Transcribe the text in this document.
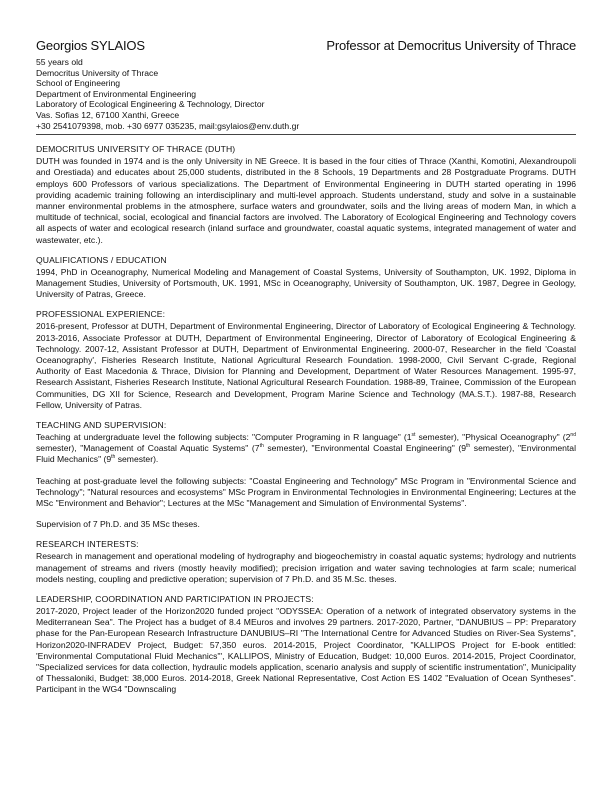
Georgios SYLAIOS	Professor at Democritus University of Thrace
55 years old
Democritus University of Thrace
School of Engineering
Department of Environmental Engineering
Laboratory of Ecological Engineering & Technology, Director
Vas. Sofias 12, 67100 Xanthi, Greece
+30 2541079398, mob. +30 6977 035235, mail:gsylaios@env.duth.gr
DEMOCRITUS UNIVERSITY OF THRACE (DUTH)

DUTH was founded in 1974 and is the only University in NE Greece. It is based in the four cities of Thrace (Xanthi, Komotini, Alexandroupoli and Orestiada) and educates about 25,000 students, distributed in the 8 Schools, 19 Departments and 28 Postgraduate Programs. DUTH employs 600 Professors of various specializations. The Department of Environmental Engineering in DUTH started operating in 1996 providing academic training following an interdisciplinary and multi-level approach. Students understand, study and solve in a sustainable manner environmental problems in the atmosphere, surface waters and groundwater, soils and the living areas of modern Man, in which a multitude of technical, social, ecological and financial factors are involved. The Laboratory of Ecological Engineering and Technology covers all aspects of water and ecological research (inland surface and groundwater, coastal aquatic systems, integrated management of water and wastewater, etc.).

QUALIFICATIONS / EDUCATION

1994, PhD in Oceanography, Numerical Modeling and Management of Coastal Systems, University of Southampton, UK. 1992, Diploma in Management Studies, University of Portsmouth, UK. 1991, MSc in Oceanography, University of Southampton, UK. 1987, Degree in Geology, University of Patras, Greece.

PROFESSIONAL EXPERIENCE:

2016-present, Professor at DUTH, Department of Environmental Engineering, Director of Laboratory of Ecological Engineering & Technology. 2013-2016, Associate Professor at DUTH, Department of Environmental Engineering, Director of Laboratory of Ecological Engineering & Technology. 2007-12, Assistant Professor at DUTH, Department of Environmental Engineering. 2000-07, Researcher in the field 'Coastal Oceanography', Fisheries Research Institute, National Agricultural Research Foundation. 1998-2000, Civil Servant C-grade, Regional Authority of East Macedonia & Thrace, Division for Planning and Development, Department of Water Resources Management. 1995-97, Research Assistant, Fisheries Research Institute, National Agricultural Research Foundation. 1988-89, Trainee, Commission of the European Communities, DG XII for Science, Research and Development, Program Marine Science and Technology (MA.S.T.). 1987-88, Research Fellow, University of Patras.

TEACHING AND SUPERVISION:

Teaching at undergraduate level the following subjects: "Computer Programing in R language" (1st semester), "Physical Oceanography" (2nd semester), "Management of Coastal Aquatic Systems" (7th semester), "Environmental Coastal Engineering" (9th semester), "Environmental Fluid Mechanics" (9th semester).

Teaching at post-graduate level the following subjects: "Coastal Engineering and Technology" MSc Program in "Environmental Science and Technology"; "Natural resources and ecosystems" MSc Program in Environmental Technologies in Environmental Engineering; Lectures at the MSc "Environment and Behavior"; Lectures at the MSc "Management and Simulation of Environmental Systems".

Supervision of 7 Ph.D. and 35 MSc theses.

RESEARCH INTERESTS:

Research in management and operational modeling of hydrography and biogeochemistry in coastal aquatic systems; hydrology and nutrients management of streams and rivers (mostly heavily modified); precision irrigation and water saving technologies at farm scale; numerical models nesting, coupling and predictive operation; supervision of 7 Ph.D. and 35 M.Sc. theses.

LEADERSHIP, COORDINATION AND PARTICIPATION IN PROJECTS:

2017-2020, Project leader of the Horizon2020 funded project "ODYSSEA: Operation of a network of integrated observatory systems in the Mediterranean Sea". The Project has a budget of 8.4 MEuros and involves 29 partners. 2017-2020, Partner, "DANUBIUS – PP: Preparatory phase for the Pan-European Research Infrastructure DANUBIUS–RI "The International Centre for Advanced Studies on River-Sea Systems", Horizon2020-INFRADEV Project, Budget: 57,350 euros. 2014-2015, Project Coordinator, "KALLIPOS Project for E-book entitled: 'Environmental Computational Fluid Mechanics'", KALLIPOS, Ministry of Education, Budget: 10,000 Euros. 2014-2015, Project Coordinator, "Specialized services for data collection, hydraulic models application, scenario analysis and supply of scientific instrumentation", Municipality of Thessaloniki, Budget: 38,000 Euros. 2014-2018, Greek National Representative, Cost Action ES 1402 "Evaluation of Ocean Syntheses". Participant in the WG4 "Downscaling
